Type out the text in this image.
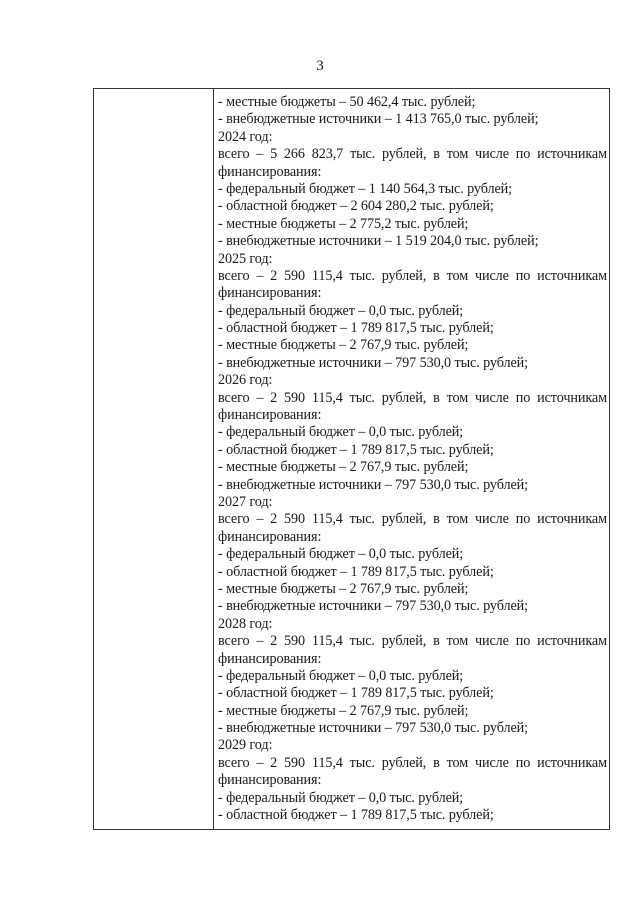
3
- местные бюджеты – 50 462,4 тыс. рублей;
- внебюджетные источники – 1 413 765,0 тыс. рублей;
2024 год:
всего – 5 266 823,7 тыс. рублей, в том числе по источникам
финансирования:
- федеральный бюджет – 1 140 564,3 тыс. рублей;
- областной бюджет – 2 604 280,2 тыс. рублей;
- местные бюджеты – 2 775,2 тыс. рублей;
- внебюджетные источники – 1 519 204,0 тыс. рублей;
2025 год:
всего – 2 590 115,4 тыс. рублей, в том числе по источникам
финансирования:
- федеральный бюджет – 0,0 тыс. рублей;
- областной бюджет – 1 789 817,5 тыс. рублей;
- местные бюджеты – 2 767,9 тыс. рублей;
- внебюджетные источники – 797 530,0 тыс. рублей;
2026 год:
всего – 2 590 115,4 тыс. рублей, в том числе по источникам
финансирования:
- федеральный бюджет – 0,0 тыс. рублей;
- областной бюджет – 1 789 817,5 тыс. рублей;
- местные бюджеты – 2 767,9 тыс. рублей;
- внебюджетные источники – 797 530,0 тыс. рублей;
2027 год:
всего – 2 590 115,4 тыс. рублей, в том числе по источникам
финансирования:
- федеральный бюджет – 0,0 тыс. рублей;
- областной бюджет – 1 789 817,5 тыс. рублей;
- местные бюджеты – 2 767,9 тыс. рублей;
- внебюджетные источники – 797 530,0 тыс. рублей;
2028 год:
всего – 2 590 115,4 тыс. рублей, в том числе по источникам
финансирования:
- федеральный бюджет – 0,0 тыс. рублей;
- областной бюджет – 1 789 817,5 тыс. рублей;
- местные бюджеты – 2 767,9 тыс. рублей;
- внебюджетные источники – 797 530,0 тыс. рублей;
2029 год:
всего – 2 590 115,4 тыс. рублей, в том числе по источникам
финансирования:
- федеральный бюджет – 0,0 тыс. рублей;
- областной бюджет – 1 789 817,5 тыс. рублей;
